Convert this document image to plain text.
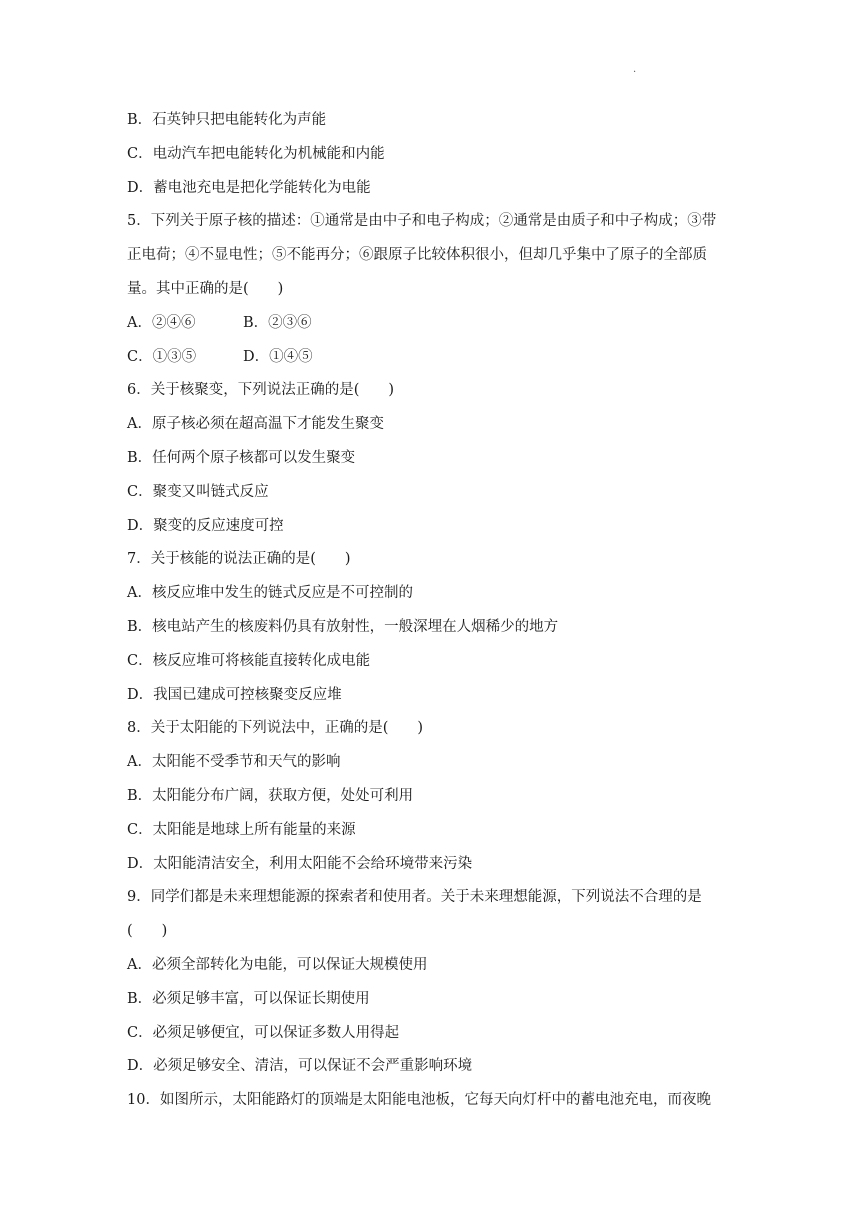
.
B．石英钟只把电能转化为声能
C．电动汽车把电能转化为机械能和内能
D．蓄电池充电是把化学能转化为电能
5．下列关于原子核的描述：①通常是由中子和电子构成；②通常是由质子和中子构成；③带
正电荷；④不显电性；⑤不能再分；⑥跟原子比较体积很小，但却几乎集中了原子的全部质
量。其中正确的是(　　)
A．②④⑥	B．②③⑥
C．①③⑤	D．①④⑤
6．关于核聚变，下列说法正确的是(　　)
A．原子核必须在超高温下才能发生聚变
B．任何两个原子核都可以发生聚变
C．聚变又叫链式反应
D．聚变的反应速度可控
7．关于核能的说法正确的是(　　)
A．核反应堆中发生的链式反应是不可控制的
B．核电站产生的核废料仍具有放射性，一般深埋在人烟稀少的地方
C．核反应堆可将核能直接转化成电能
D．我国已建成可控核聚变反应堆
8．关于太阳能的下列说法中，正确的是(　　)
A．太阳能不受季节和天气的影响
B．太阳能分布广阔，获取方便，处处可利用
C．太阳能是地球上所有能量的来源
D．太阳能清洁安全，利用太阳能不会给环境带来污染
9．同学们都是未来理想能源的探索者和使用者。关于未来理想能源，下列说法不合理的是
(　　)
A．必须全部转化为电能，可以保证大规模使用
B．必须足够丰富，可以保证长期使用
C．必须足够便宜，可以保证多数人用得起
D．必须足够安全、清洁，可以保证不会严重影响环境
10．如图所示，太阳能路灯的顶端是太阳能电池板，它每天向灯杆中的蓄电池充电，而夜晚
